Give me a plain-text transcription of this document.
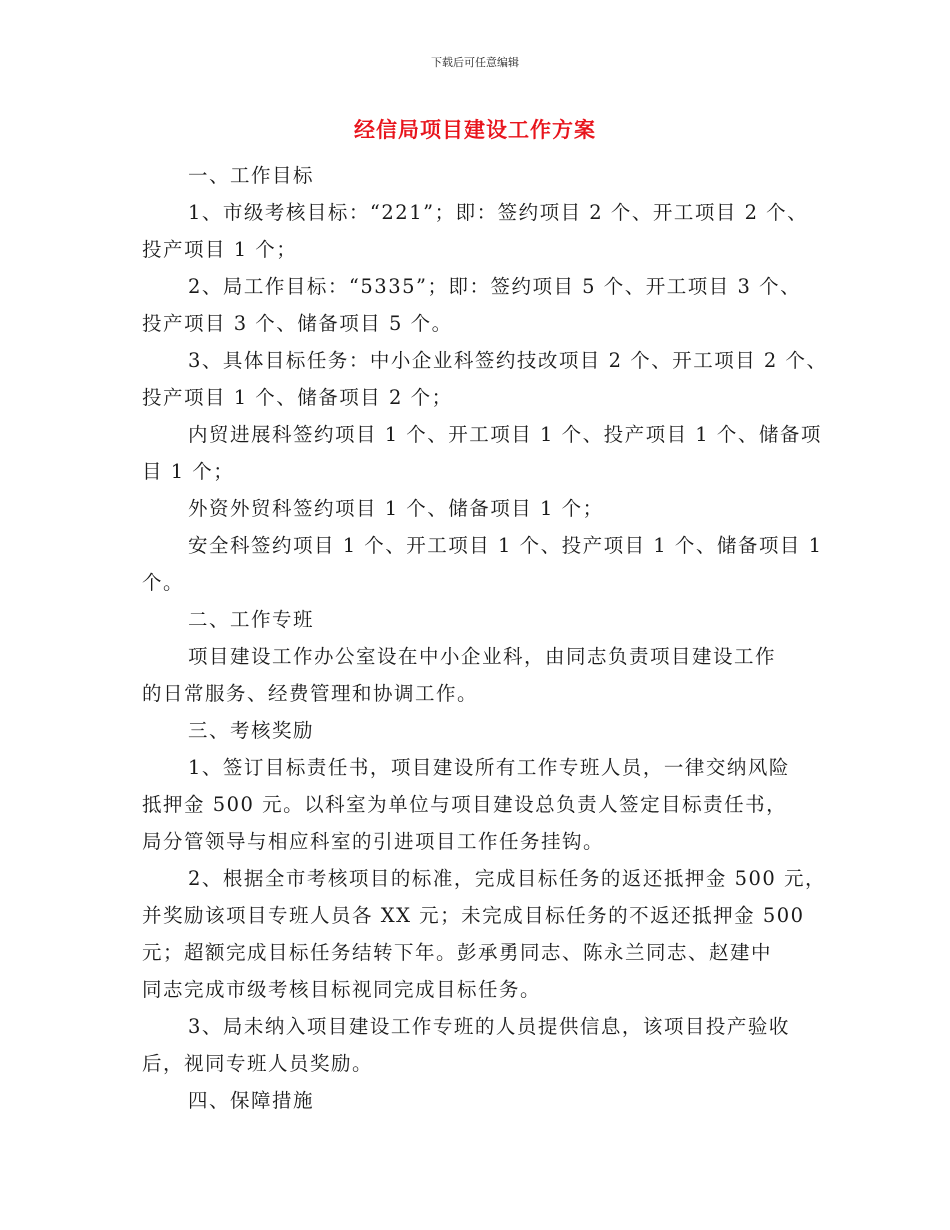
下载后可任意编辑
经信局项目建设工作方案
一、工作目标
1、市级考核目标：“221”；即：签约项目 2 个、开工项目 2 个、
投产项目 1 个；
2、局工作目标：“5335”；即：签约项目 5 个、开工项目 3 个、
投产项目 3 个、储备项目 5 个。
3、具体目标任务：中小企业科签约技改项目 2 个、开工项目 2 个、
投产项目 1 个、储备项目 2 个；
内贸进展科签约项目 1 个、开工项目 1 个、投产项目 1 个、储备项
目 1 个；
外资外贸科签约项目 1 个、储备项目 1 个；
安全科签约项目 1 个、开工项目 1 个、投产项目 1 个、储备项目 1
个。
二、工作专班
项目建设工作办公室设在中小企业科，由同志负责项目建设工作
的日常服务、经费管理和协调工作。
三、考核奖励
1、签订目标责任书，项目建设所有工作专班人员，一律交纳风险
抵押金 500 元。以科室为单位与项目建设总负责人签定目标责任书，
局分管领导与相应科室的引进项目工作任务挂钩。
2、根据全市考核项目的标准，完成目标任务的返还抵押金 500 元，
并奖励该项目专班人员各 XX 元；未完成目标任务的不返还抵押金 500
元；超额完成目标任务结转下年。彭承勇同志、陈永兰同志、赵建中
同志完成市级考核目标视同完成目标任务。
3、局未纳入项目建设工作专班的人员提供信息，该项目投产验收
后，视同专班人员奖励。
四、保障措施
